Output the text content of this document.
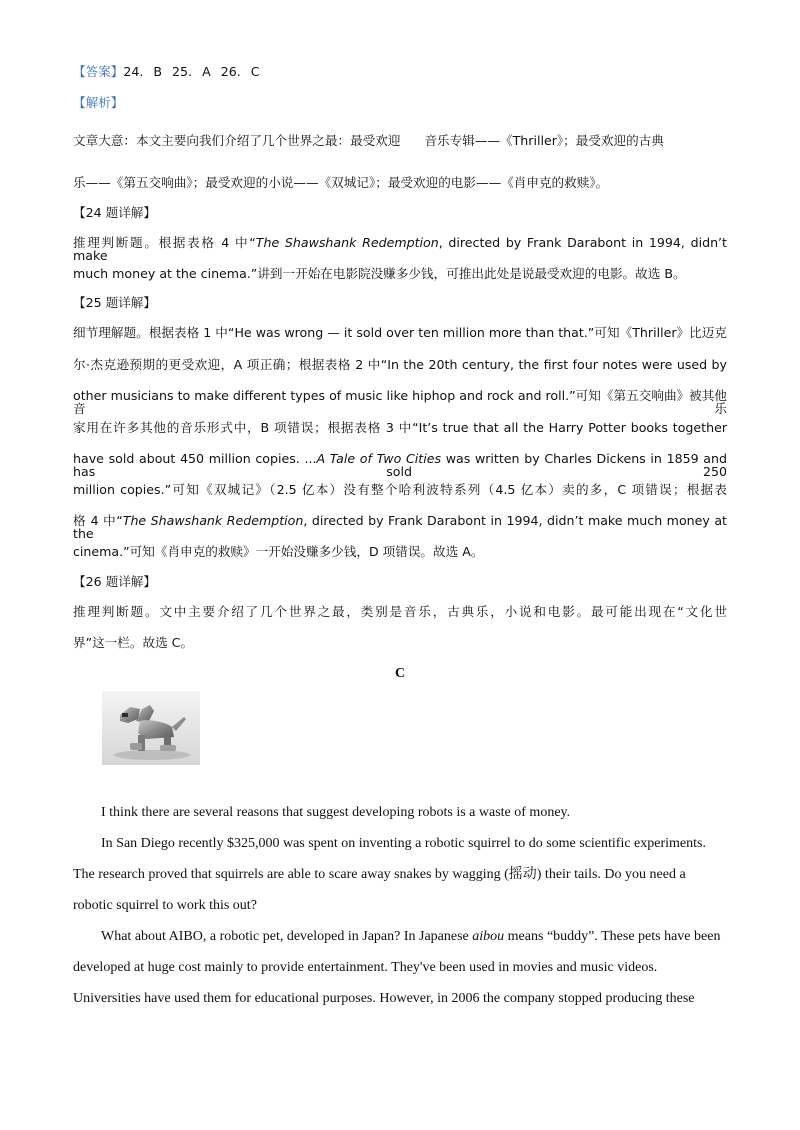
【答案】24. B 25. A 26. C
【解析】
文章大意：本文主要向我们介绍了几个世界之最：最受欢迎 音乐专辑——《Thriller》；最受欢迎的古典
乐——《第五交响曲》；最受欢迎的小说——《双城记》；最受欢迎的电影——《肖申克的救赎》。
【24 题详解】
推理判断题。根据表格 4 中“The Shawshank Redemption, directed by Frank Darabont in 1994, didn’t make
much money at the cinema.”讲到一开始在电影院没赚多少钱，可推出此处是说最受欢迎的电影。故选 B。
【25 题详解】
细节理解题。根据表格 1 中“He was wrong — it sold over ten million more than that.”可知《Thriller》比迈克
尔·杰克逊预期的更受欢迎，A 项正确；根据表格 2 中“In the 20th century, the first four notes were used by
other musicians to make different types of music like hiphop and rock and roll.”可知《第五交响曲》被其他音乐
家用在许多其他的音乐形式中，B 项错误；根据表格 3 中“It’s true that all the Harry Potter books together
have sold about 450 million copies. ...A Tale of Two Cities was written by Charles Dickens in 1859 and has sold 250
million copies.”可知《双城记》（2.5 亿本）没有整个哈利波特系列（4.5 亿本）卖的多，C 项错误；根据表
格 4 中“The Shawshank Redemption, directed by Frank Darabont in 1994, didn’t make much money at the
cinema.”可知《肖申克的救赎》一开始没赚多少钱，D 项错误。故选 A。
【26 题详解】
推理判断题。文中主要介绍了几个世界之最，类别是音乐，古典乐，小说和电影。最可能出现在“文化世
界”这一栏。故选 C。
C
I think there are several reasons that suggest developing robots is a waste of money.
In San Diego recently $325,000 was spent on inventing a robotic squirrel to do some scientific experiments.
The research proved that squirrels are able to scare away snakes by wagging (摇动) their tails. Do you need a
robotic squirrel to work this out?
What about AIBO, a robotic pet, developed in Japan? In Japanese aibou means “buddy”. These pets have been
developed at huge cost mainly to provide entertainment. They've been used in movies and music videos.
Universities have used them for educational purposes. However, in 2006 the company stopped producing these
